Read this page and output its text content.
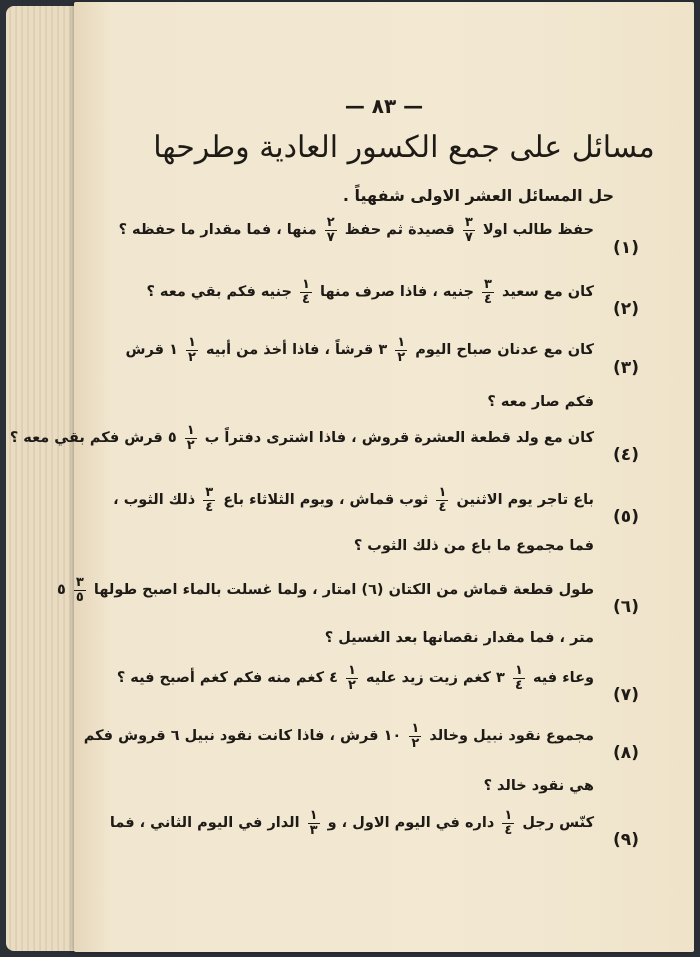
— ٨٣ —
مسائل على جمع الكسور العادية وطرحها
حل المسائل العشر الاولى شفهياً .
(١)
حفظ طالب اولا
$\frac{٣}{٧}$
قصيدة ثم حفظ
$\frac{٢}{٧}$
منها ، فما مقدار ما حفظه ؟
(٢)
كان مع سعيد
$\frac{٣}{٤}$
جنيه ، فاذا صرف منها
$\frac{١}{٤}$
جنيه فكم بقي معه ؟
(٣)
كان مع عدنان صباح اليوم
$\frac{١}{٢}$
٣ قرشاً ، فاذا أخذ من أبيه
$\frac{١}{٢}$
١ قرش
فكم صار معه ؟
(٤)
كان مع ولد قطعة العشرة قروش ، فاذا اشترى دفتراً ب
$\frac{١}{٢}$
٥ قرش فكم بقي معه ؟
(٥)
باع تاجر يوم الاثنين
$\frac{١}{٤}$
ثوب قماش ، ويوم الثلاثاء باع
$\frac{٣}{٤}$
ذلك الثوب ،
فما مجموع ما باع من ذلك الثوب ؟
(٦)
طول قطعة قماش من الكتان (٦) امتار ، ولما غسلت بالماء اصبح طولها
$\frac{٣}{٥}$
٥
متر ، فما مقدار نقصانها بعد الغسيل ؟
(٧)
وعاء فيه
$\frac{١}{٤}$
٣ كغم زيت زيد عليه
$\frac{١}{٢}$
٤ كغم منه فكم كغم أصبح فيه ؟
(٨)
مجموع نقود نبيل وخالد
$\frac{١}{٢}$
١٠ قرش ، فاذا كانت نقود نبيل ٦ قروش فكم
هي نقود خالد ؟
(٩)
كنّس رجل
$\frac{١}{٤}$
داره في اليوم الاول ، و
$\frac{١}{٣}$
الدار في اليوم الثاني ، فما
